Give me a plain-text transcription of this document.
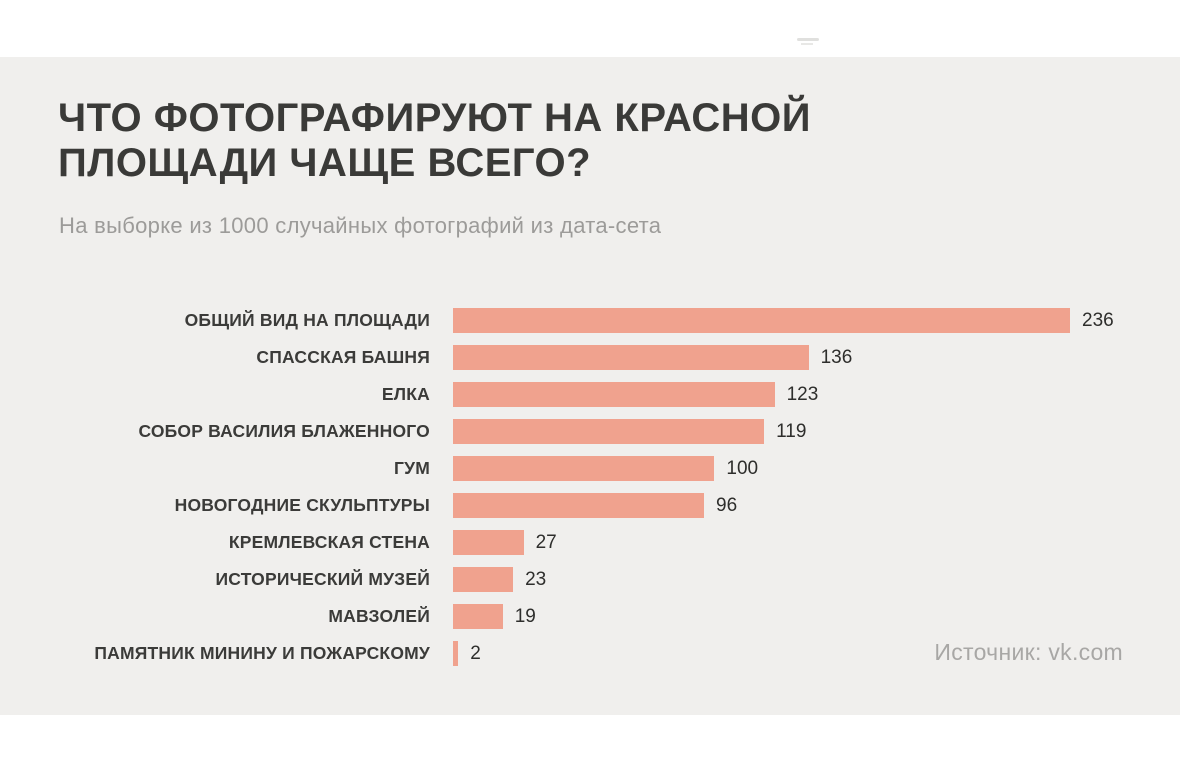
ЧТО ФОТОГРАФИРУЮТ НА КРАСНОЙ
ПЛОЩАДИ ЧАЩЕ ВСЕГО?
На выборке из 1000 случайных фотографий из дата-сета
ОБЩИЙ ВИД НА ПЛОЩАДИ	236
СПАССКАЯ БАШНЯ	136
ЕЛКА	123
СОБОР ВАСИЛИЯ БЛАЖЕННОГО	119
ГУМ	100
НОВОГОДНИЕ СКУЛЬПТУРЫ	96
КРЕМЛЕВСКАЯ СТЕНА	27
ИСТОРИЧЕСКИЙ МУЗЕЙ	23
МАВЗОЛЕЙ	19
ПАМЯТНИК МИНИНУ И ПОЖАРСКОМУ 2	Источник: vk.com
